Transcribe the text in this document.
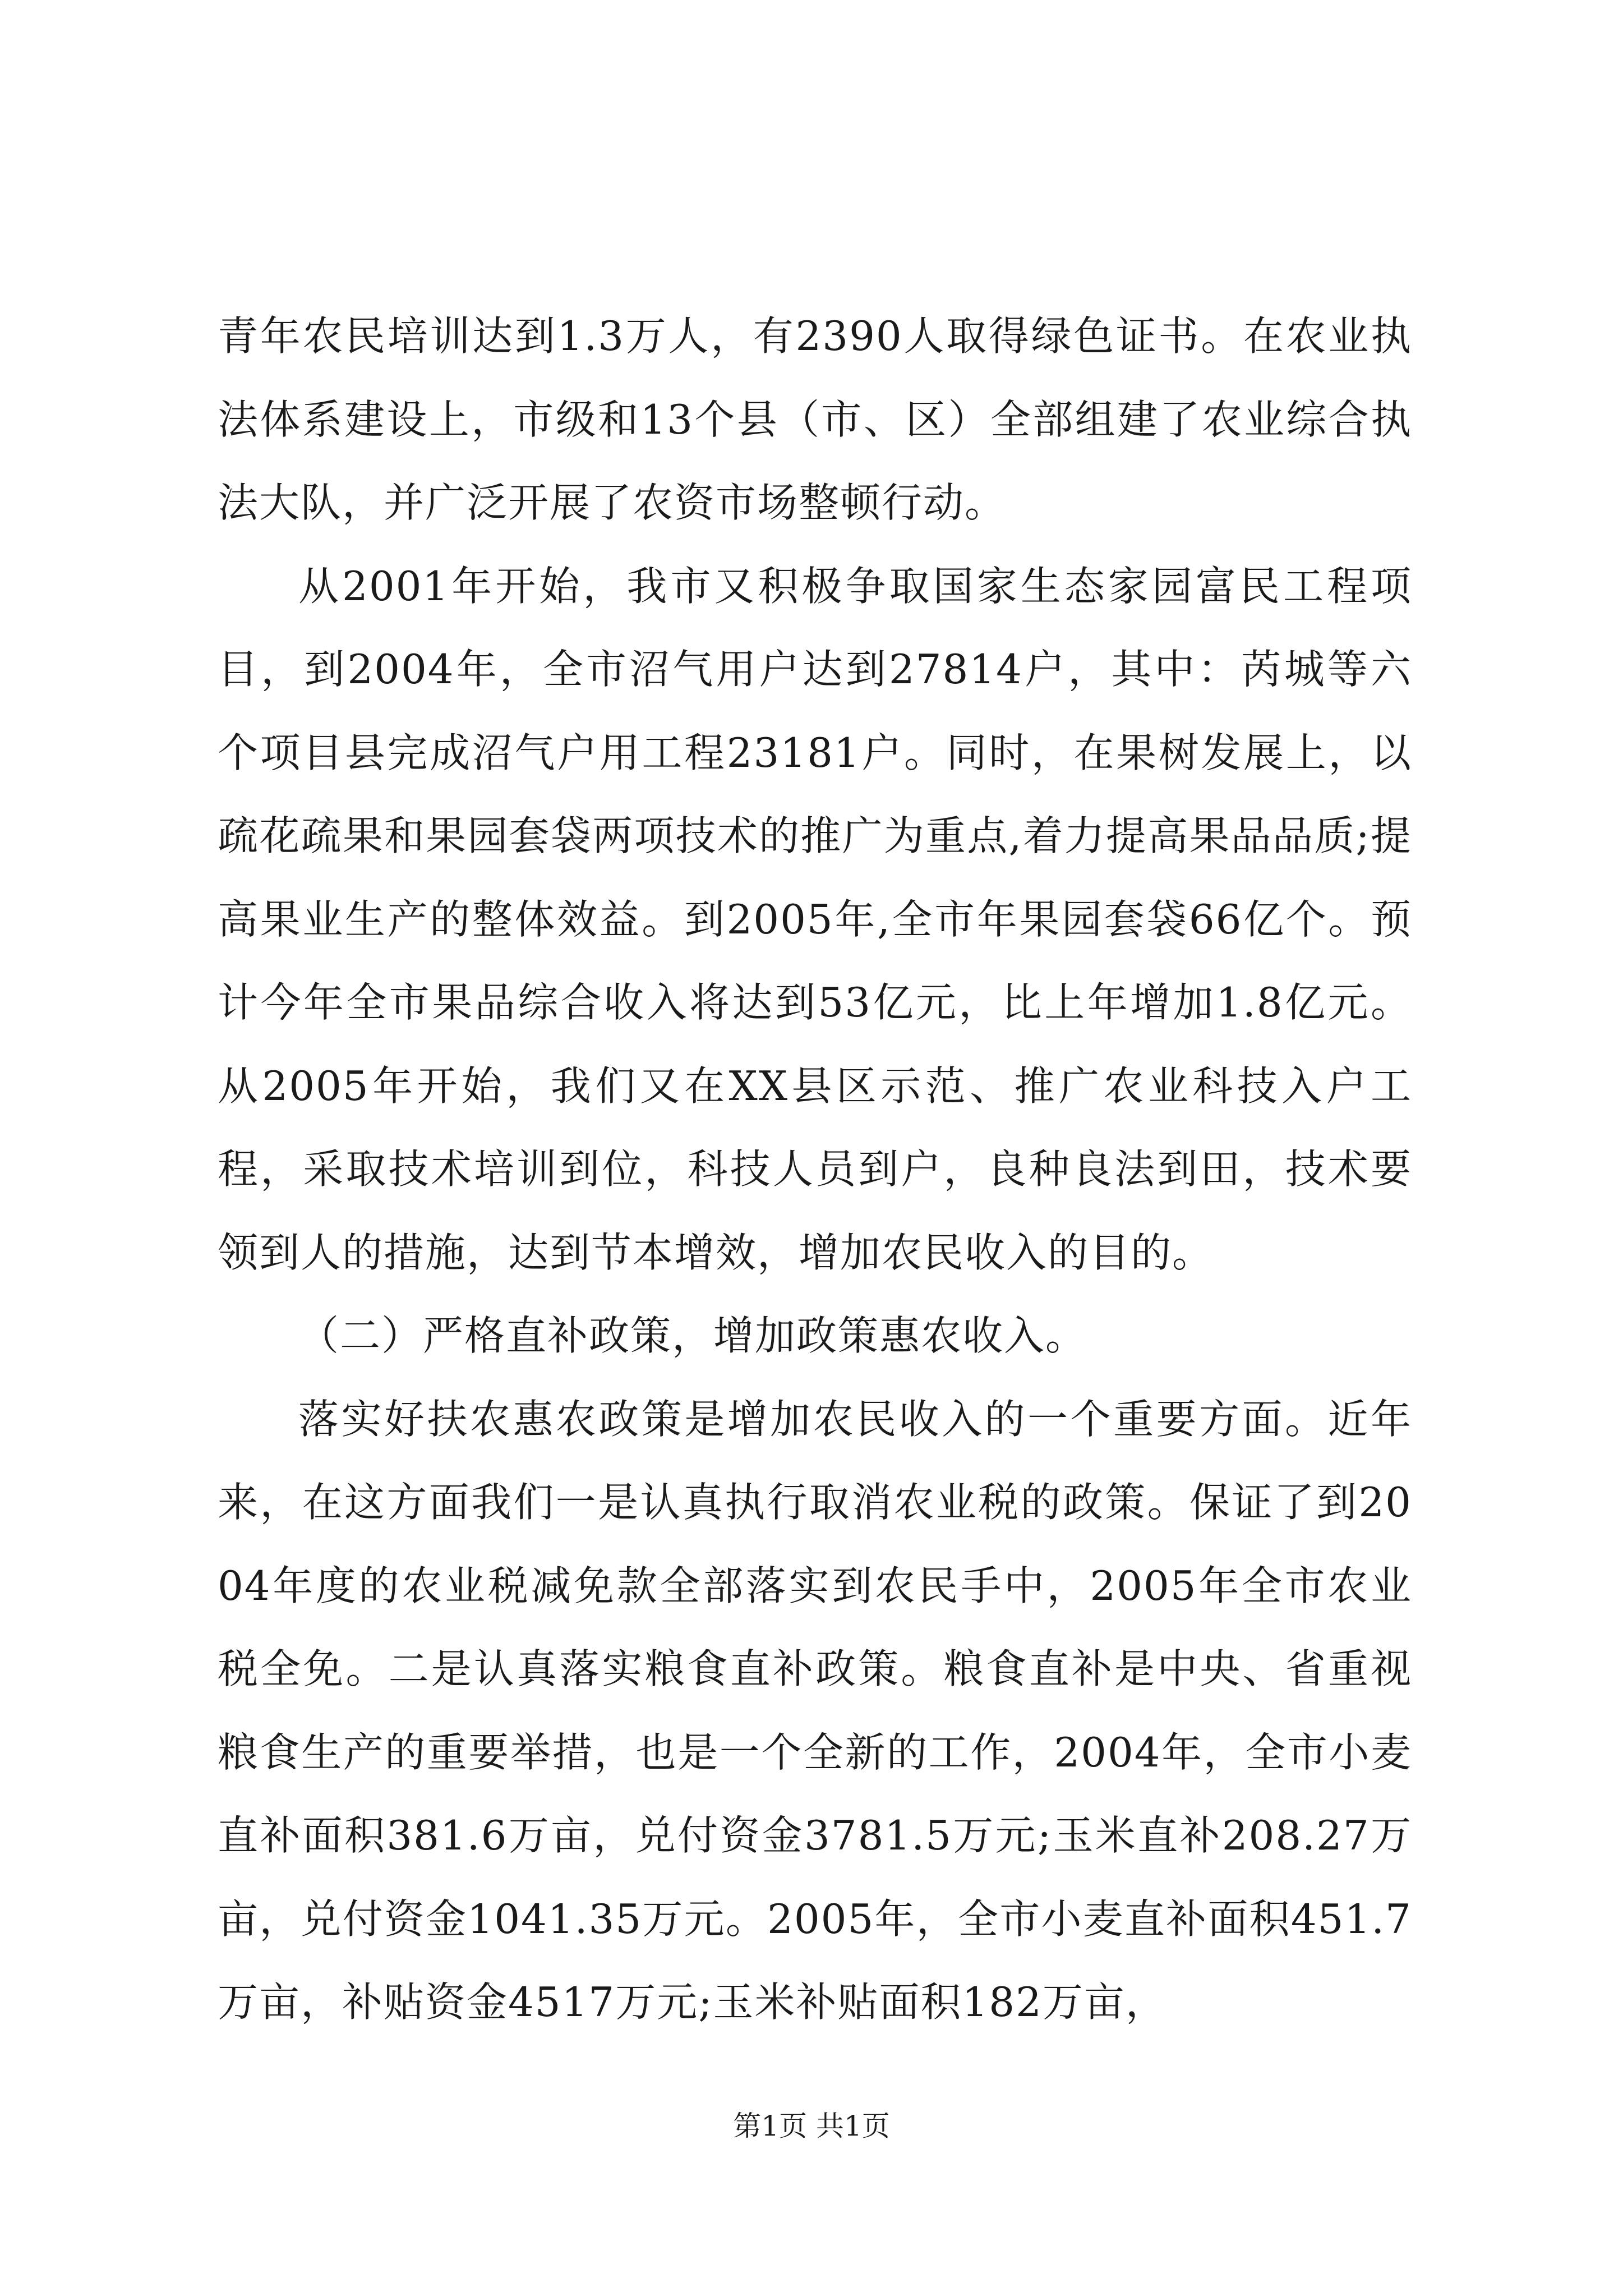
青年农民培训达到1.3万人，有2390人取得绿色证书。在农业执法体系建设上，市级和13个县（市、区）全部组建了农业综合执法大队，并广泛开展了农资市场整顿行动。

从2001年开始，我市又积极争取国家生态家园富民工程项目，到2004年，全市沼气用户达到27814户，其中：芮城等六个项目县完成沼气户用工程23181户。同时，在果树发展上，以疏花疏果和果园套袋两项技术的推广为重点,着力提高果品品质;提高果业生产的整体效益。到2005年,全市年果园套袋66亿个。预计今年全市果品综合收入将达到53亿元，比上年增加1.8亿元。从2005年开始，我们又在XX县区示范、推广农业科技入户工程，采取技术培训到位，科技人员到户，良种良法到田，技术要领到人的措施，达到节本增效，增加农民收入的目的。

（二）严格直补政策，增加政策惠农收入。

落实好扶农惠农政策是增加农民收入的一个重要方面。近年来，在这方面我们一是认真执行取消农业税的政策。保证了到2004年度的农业税减免款全部落实到农民手中，2005年全市农业税全免。二是认真落实粮食直补政策。粮食直补是中央、省重视粮食生产的重要举措，也是一个全新的工作，2004年，全市小麦直补面积381.6万亩，兑付资金3781.5万元;玉米直补208.27万亩，兑付资金1041.35万元。2005年，全市小麦直补面积451.7万亩，补贴资金4517万元;玉米补贴面积182万亩，

第1页 共1页
